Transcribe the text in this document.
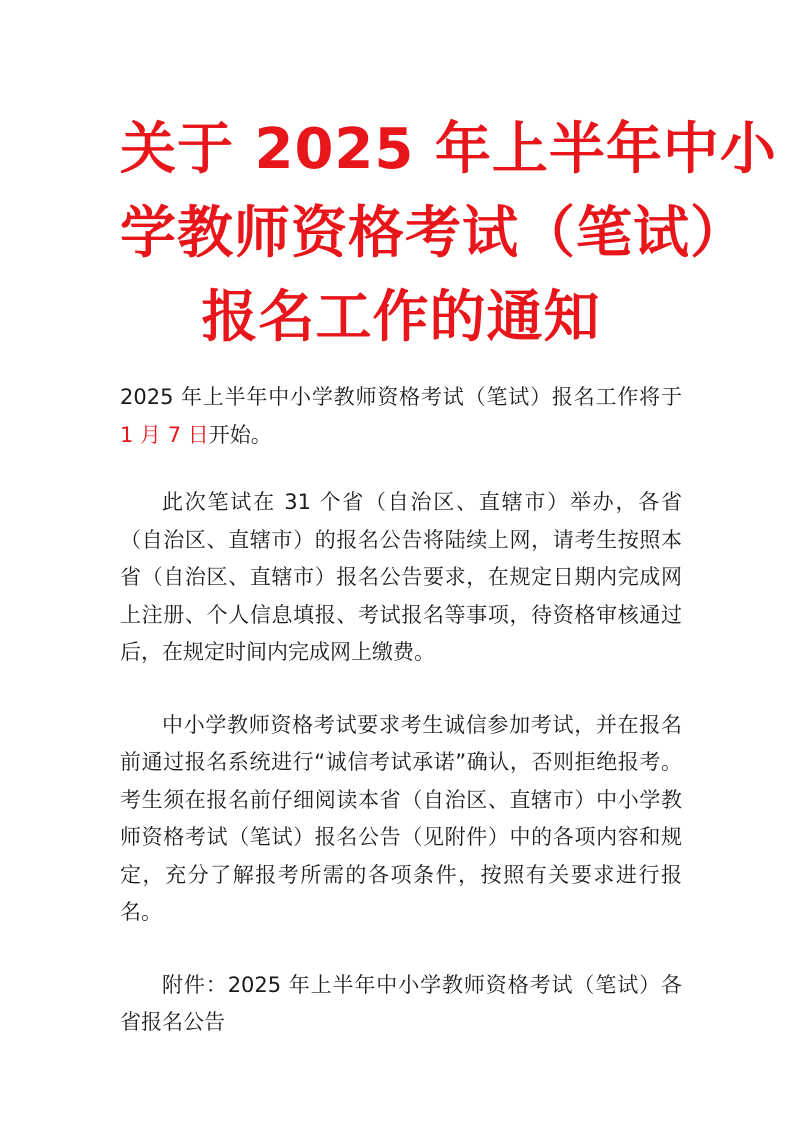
关于 2025 年上半年中小
学教师资格考试（笔试）
报名工作的通知

2025 年上半年中小学教师资格考试（笔试）报名工作将于 1 月 7 日开始。

此次笔试在 31 个省（自治区、直辖市）举办，各省（自治区、直辖市）的报名公告将陆续上网，请考生按照本省（自治区、直辖市）报名公告要求，在规定日期内完成网上注册、个人信息填报、考试报名等事项，待资格审核通过后，在规定时间内完成网上缴费。

中小学教师资格考试要求考生诚信参加考试，并在报名前通过报名系统进行“诚信考试承诺”确认，否则拒绝报考。考生须在报名前仔细阅读本省（自治区、直辖市）中小学教师资格考试（笔试）报名公告（见附件）中的各项内容和规定，充分了解报考所需的各项条件，按照有关要求进行报名。

附件：2025 年上半年中小学教师资格考试（笔试）各省报名公告
